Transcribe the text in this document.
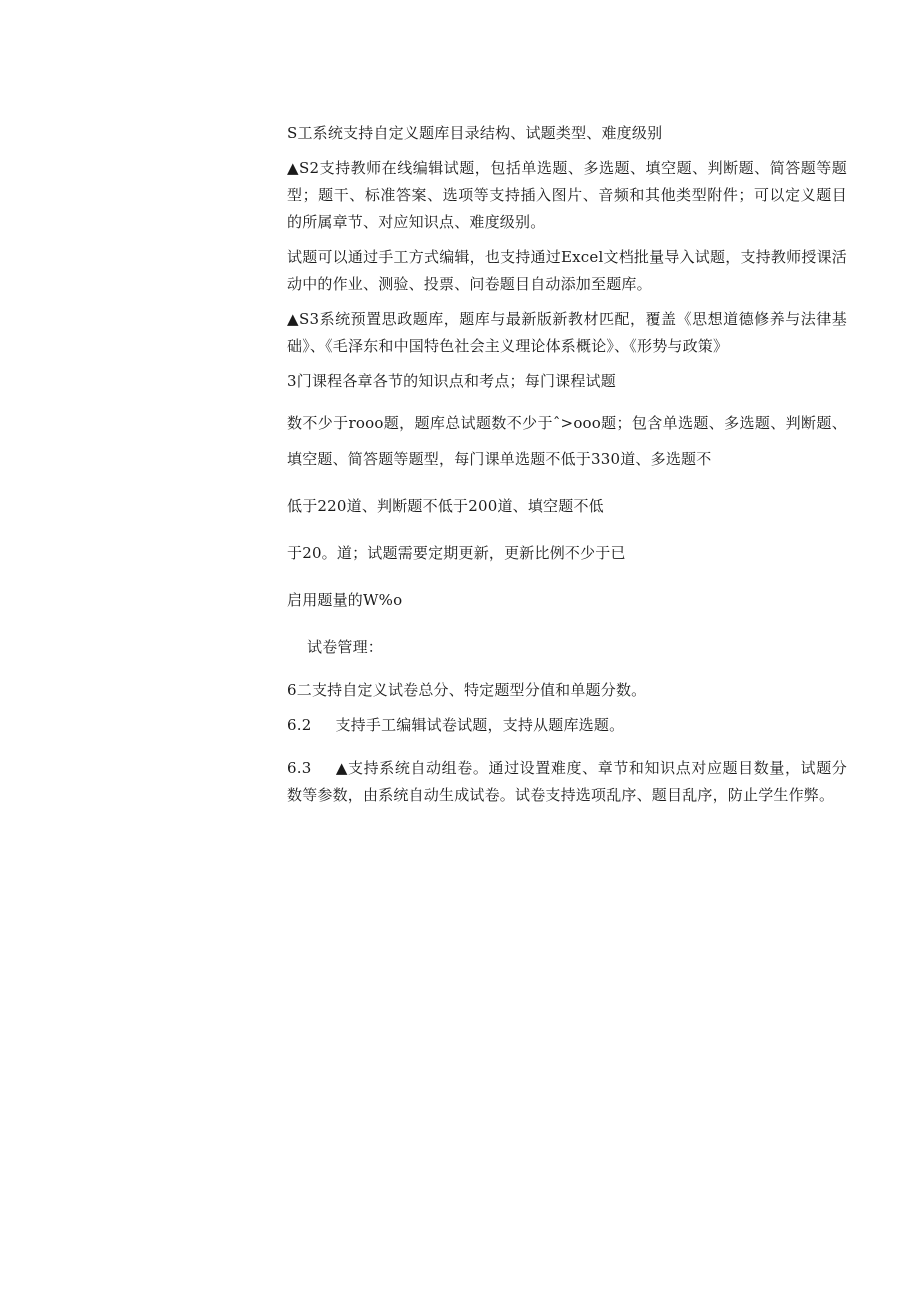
S工系统支持自定义题库目录结构、试题类型、难度级别

▲S2支持教师在线编辑试题，包括单选题、多选题、填空题、判断题、简答题等题型；题干、标准答案、选项等支持插入图片、音频和其他类型附件；可以定义题目的所属章节、对应知识点、难度级别。

试题可以通过手工方式编辑，也支持通过Excel文档批量导入试题，支持教师授课活动中的作业、测验、投票、问卷题目自动添加至题库。

▲S3系统预置思政题库，题库与最新版新教材匹配，覆盖《思想道德修养与法律基础》、《毛泽东和中国特色社会主义理论体系概论》、《形势与政策》

3门课程各章各节的知识点和考点；每门课程试题

数不少于rooo题，题库总试题数不少于ˆ>ooo题；包含单选题、多选题、判断题、填空题、简答题等题型，每门课单选题不低于330道、多选题不

低于220道、判断题不低于200道、填空题不低

于20。道；试题需要定期更新，更新比例不少于已

启用题量的W%o

试卷管理：

6二支持自定义试卷总分、特定题型分值和单题分数。

6.2 支持手工编辑试卷试题，支持从题库选题。

6.3 ▲支持系统自动组卷。通过设置难度、章节和知识点对应题目数量，试题分数等参数，由系统自动生成试卷。试卷支持选项乱序、题目乱序，防止学生作弊。
